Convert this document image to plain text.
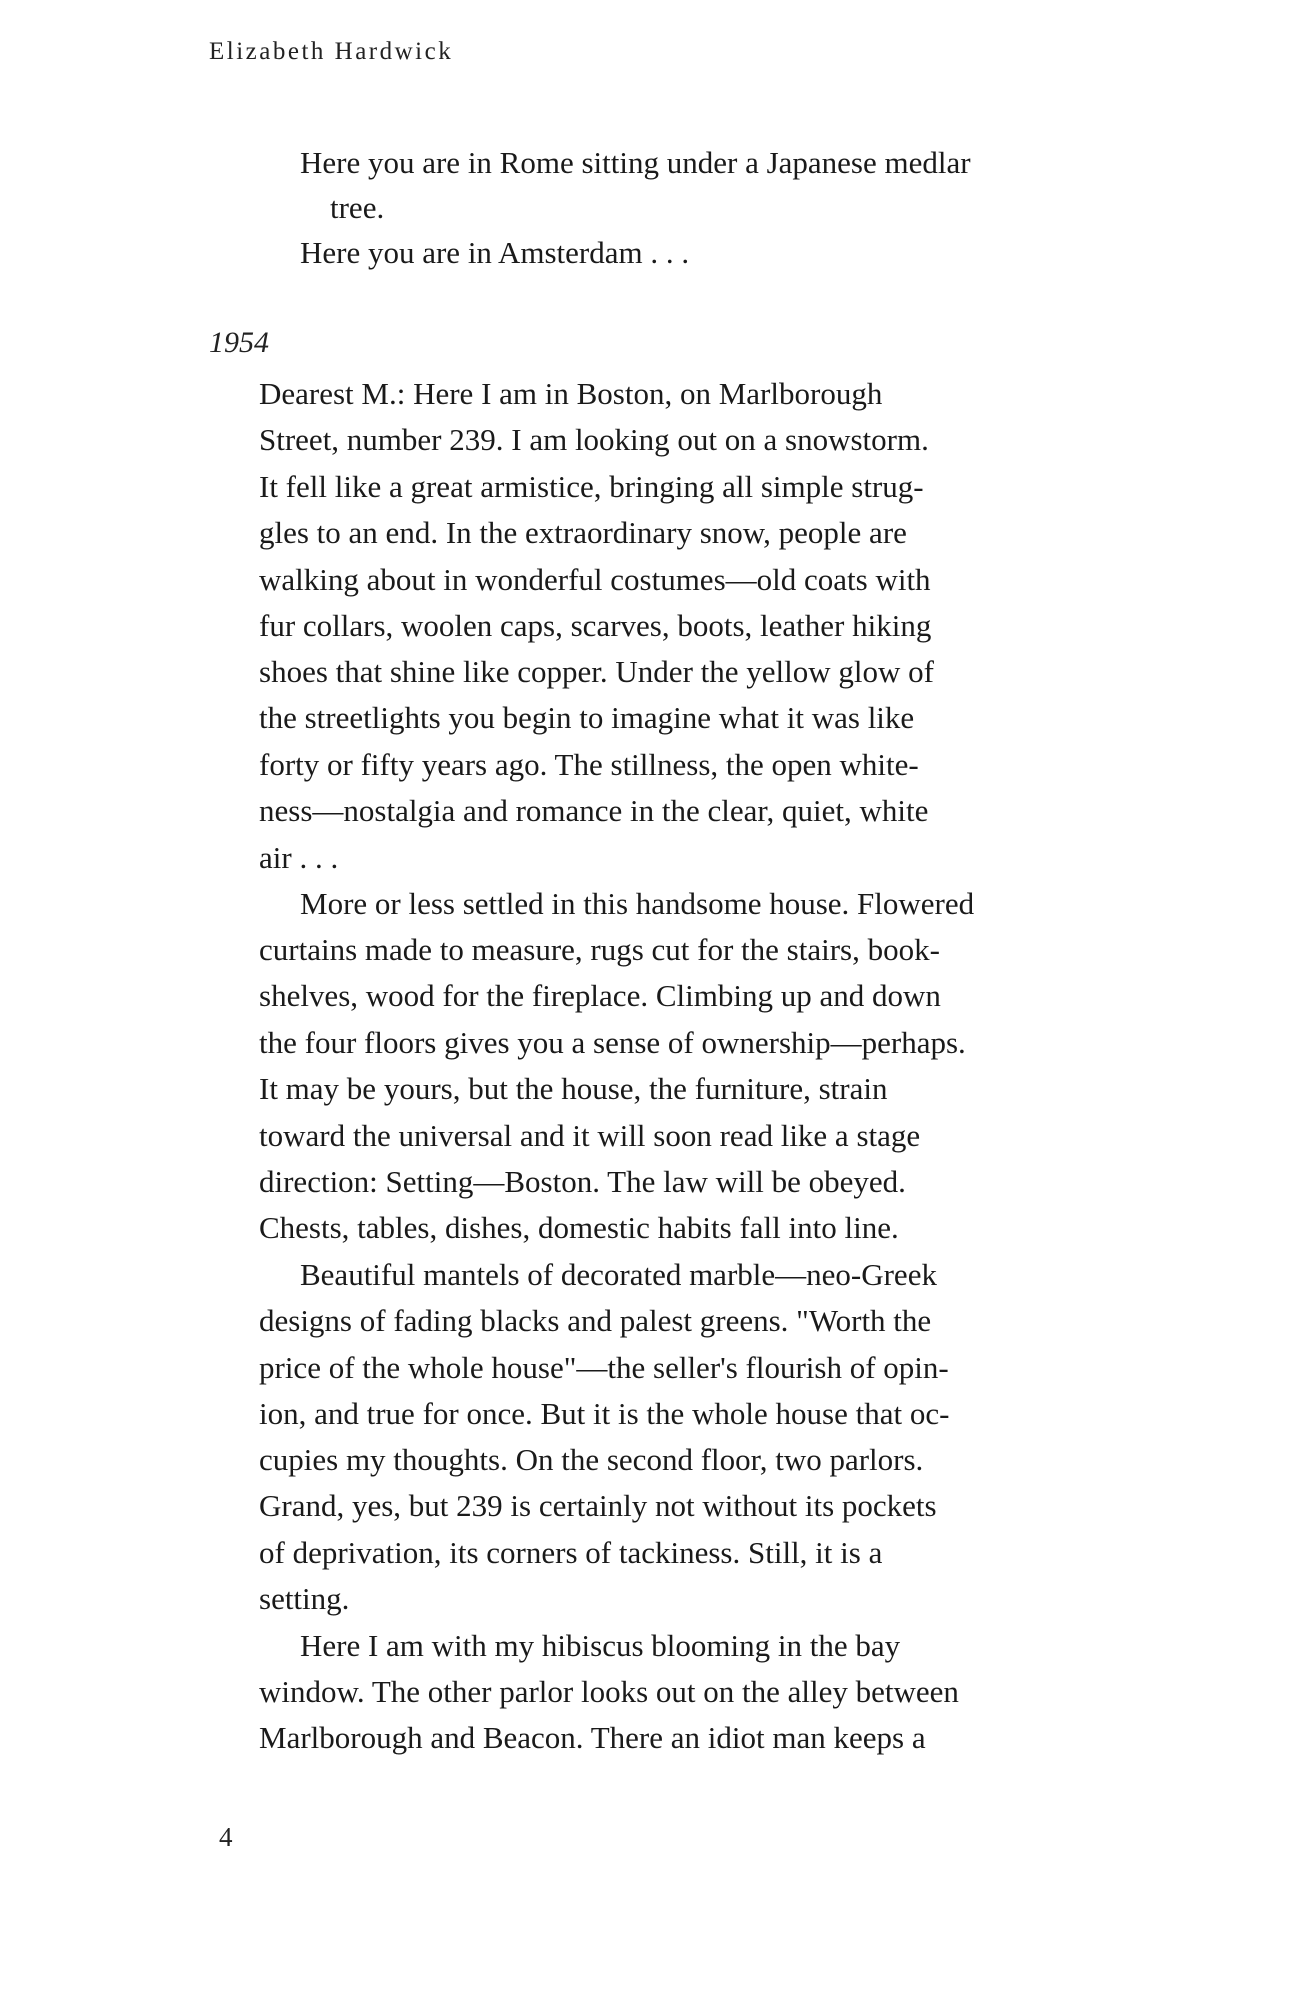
Elizabeth Hardwick
Here you are in Rome sitting under a Japanese medlar
tree.
Here you are in Amsterdam . . .
1954
Dearest M.: Here I am in Boston, on Marlborough
Street, number 239. I am looking out on a snowstorm.
It fell like a great armistice, bringing all simple strug-
gles to an end. In the extraordinary snow, people are
walking about in wonderful costumes—old coats with
fur collars, woolen caps, scarves, boots, leather hiking
shoes that shine like copper. Under the yellow glow of
the streetlights you begin to imagine what it was like
forty or fifty years ago. The stillness, the open white-
ness—nostalgia and romance in the clear, quiet, white
air . . .
More or less settled in this handsome house. Flowered
curtains made to measure, rugs cut for the stairs, book-
shelves, wood for the fireplace. Climbing up and down
the four floors gives you a sense of ownership—perhaps.
It may be yours, but the house, the furniture, strain
toward the universal and it will soon read like a stage
direction: Setting—Boston. The law will be obeyed.
Chests, tables, dishes, domestic habits fall into line.
Beautiful mantels of decorated marble—neo-Greek
designs of fading blacks and palest greens. "Worth the
price of the whole house"—the seller's flourish of opin-
ion, and true for once. But it is the whole house that oc-
cupies my thoughts. On the second floor, two parlors.
Grand, yes, but 239 is certainly not without its pockets
of deprivation, its corners of tackiness. Still, it is a
setting.
Here I am with my hibiscus blooming in the bay
window. The other parlor looks out on the alley between
Marlborough and Beacon. There an idiot man keeps a
4
